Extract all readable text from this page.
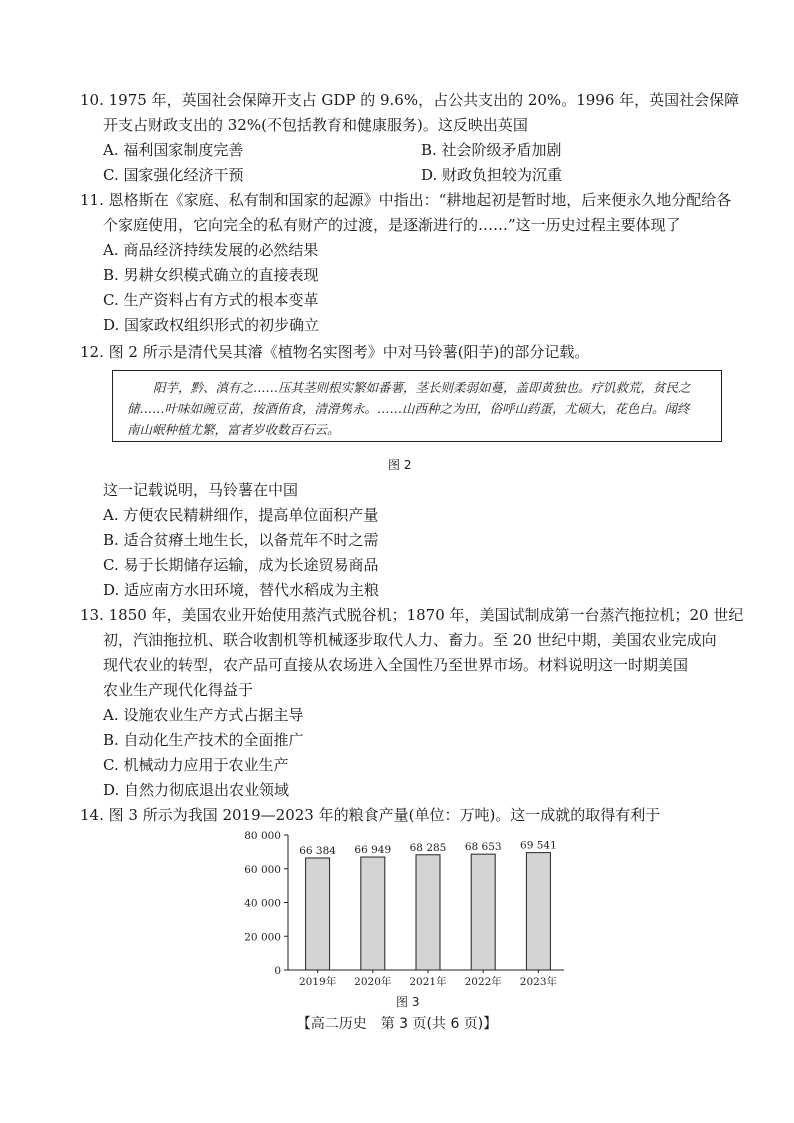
10. 1975 年，英国社会保障开支占 GDP 的 9.6%，占公共支出的 20%。1996 年，英国社会保障
开支占财政支出的 32%(不包括教育和健康服务)。这反映出英国
A. 福利国家制度完善	B. 社会阶级矛盾加剧
C. 国家强化经济干预	D. 财政负担较为沉重
11. 恩格斯在《家庭、私有制和国家的起源》中指出：“耕地起初是暂时地，后来便永久地分配给各
个家庭使用，它向完全的私有财产的过渡，是逐渐进行的……”这一历史过程主要体现了
A. 商品经济持续发展的必然结果
B. 男耕女织模式确立的直接表现
C. 生产资料占有方式的根本变革
D. 国家政权组织形式的初步确立
12. 图 2 所示是清代吴其濬《植物名实图考》中对马铃薯(阳芋)的部分记载。
阳芋，黔、滇有之……压其茎则根实繁如番薯，茎长则柔弱如蔓，盖即黄独也。疗饥救荒，贫民之
储……叶味如豌豆苗，按酒侑食，清滑隽永。……山西种之为田，俗呼山药蛋，尤硕大，花色白。闻终
南山岷种植尤繁，富者岁收数百石云。
图 2
这一记载说明，马铃薯在中国
A. 方便农民精耕细作，提高单位面积产量
B. 适合贫瘠土地生长，以备荒年不时之需
C. 易于长期储存运输，成为长途贸易商品
D. 适应南方水田环境，替代水稻成为主粮
13. 1850 年，美国农业开始使用蒸汽式脱谷机；1870 年，美国试制成第一台蒸汽拖拉机；20 世纪
初，汽油拖拉机、联合收割机等机械逐步取代人力、畜力。至 20 世纪中期，美国农业完成向
现代农业的转型，农产品可直接从农场进入全国性乃至世界市场。材料说明这一时期美国
农业生产现代化得益于
A. 设施农业生产方式占据主导
B. 自动化生产技术的全面推广
C. 机械动力应用于农业生产
D. 自然力彻底退出农业领域
14. 图 3 所示为我国 2019—2023 年的粮食产量(单位：万吨)。这一成就的取得有利于
0
20 000
40 000
60 000
80 000
2019年 2020年 2021年 2022年 2023年
66 384 66 949 68 285 68 653 69 541
图 3
【高二历史　第 3 页(共 6 页)】
